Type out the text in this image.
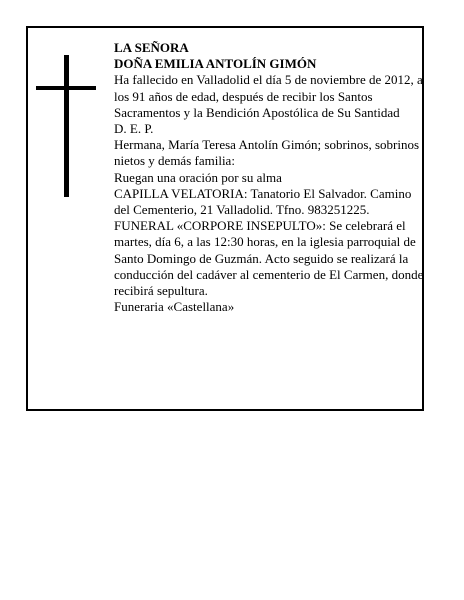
LA SEÑORA

DOÑA EMILIA ANTOLÍN GIMÓN

Ha fallecido en Valladolid el día 5 de noviembre de 2012, a los 91 años de edad, después de recibir los Santos Sacramentos y la Bendición Apostólica de Su Santidad

D. E. P.

Hermana, María Teresa Antolín Gimón; sobrinos, sobrinos nietos y demás familia:

Ruegan una oración por su alma

CAPILLA VELATORIA: Tanatorio El Salvador. Camino del Cementerio, 21 Valladolid. Tfno. 983251225.

FUNERAL «CORPORE INSEPULTO»: Se celebrará el martes, día 6, a las 12:30 horas, en la iglesia parroquial de Santo Domingo de Guzmán. Acto seguido se realizará la conducción del cadáver al cementerio de El Carmen, donde recibirá sepultura.

Funeraria «Castellana»
